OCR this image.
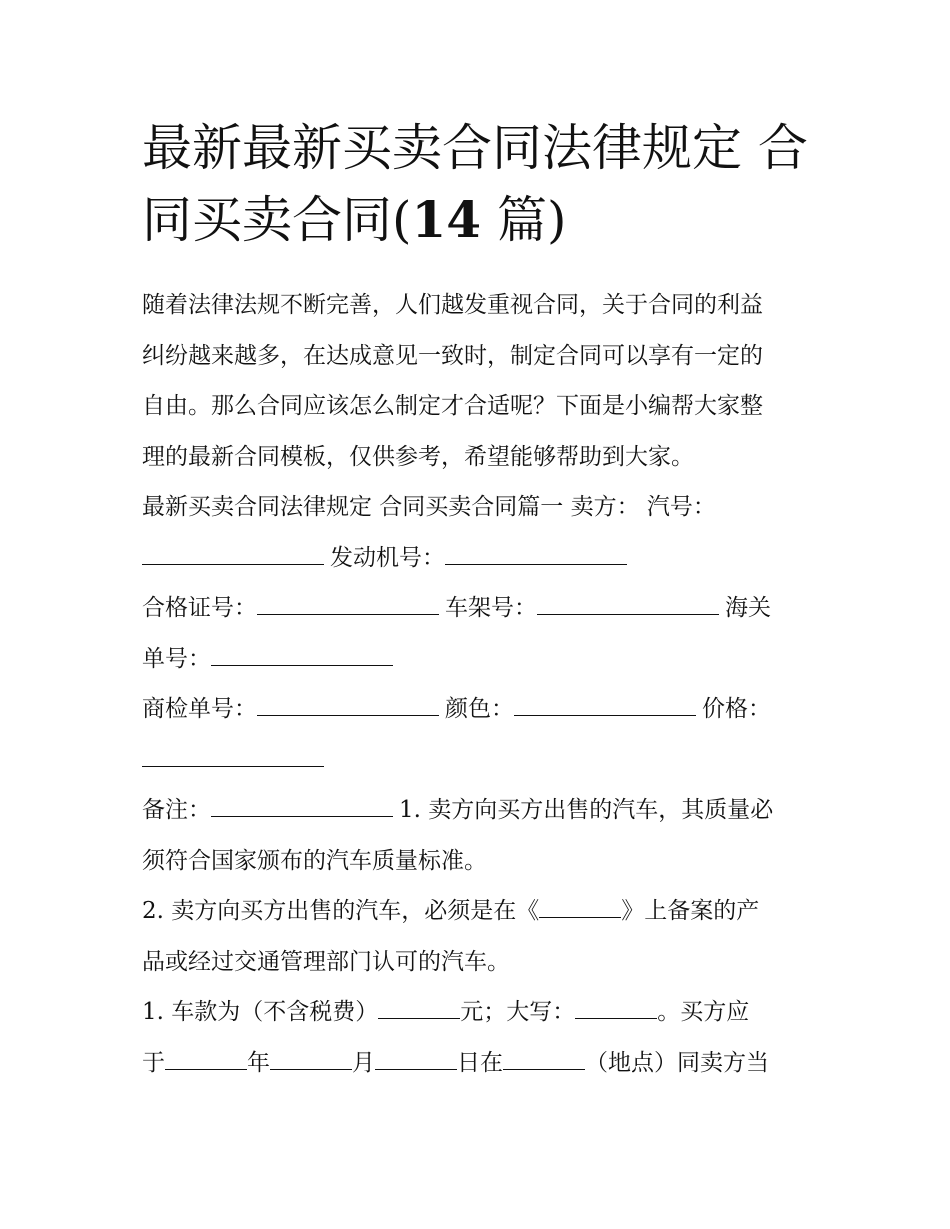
最新最新买卖合同法律规定 合同买卖合同(14 篇)
随着法律法规不断完善，人们越发重视合同，关于合同的利益
纠纷越来越多，在达成意见一致时，制定合同可以享有一定的
自由。那么合同应该怎么制定才合适呢？下面是小编帮大家整
理的最新合同模板，仅供参考，希望能够帮助到大家。
最新买卖合同法律规定 合同买卖合同篇一 卖方： 汽号：
发动机号：
合格证号：	车架号：	海关
单号：
商检单号：	颜色：	价格：
备注：	1. 卖方向买方出售的汽车，其质量必
须符合国家颁布的汽车质量标准。
2. 卖方向买方出售的汽车，必须是在《	》上备案的产
品或经过交通管理部门认可的汽车。
1. 车款为（不含税费）	元；大写：	。买方应
于	年	月	日在	（地点）同卖方当
